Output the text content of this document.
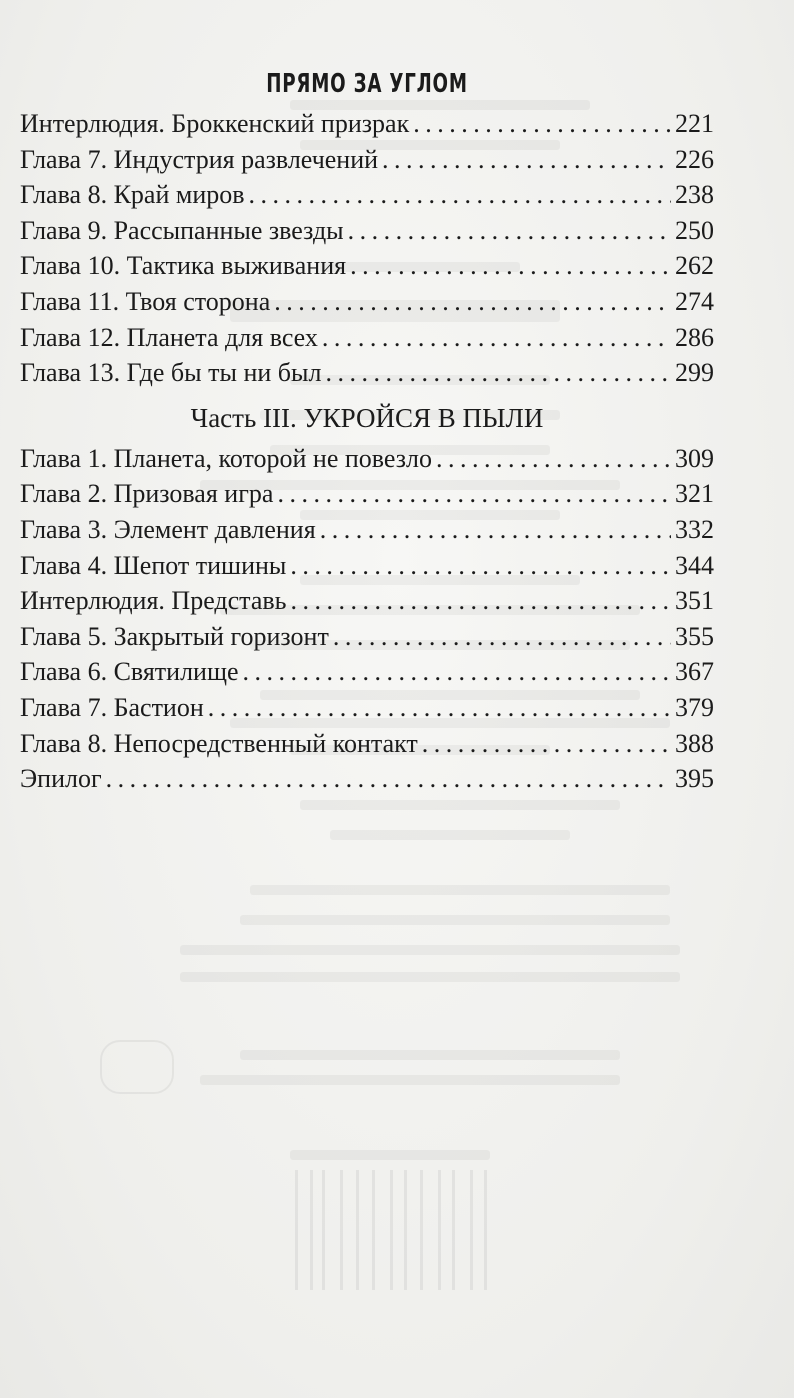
ПРЯМО ЗА УГЛОМ
Интерлюдия. Броккенский призрак .....	221
Глава 7. Индустрия развлечений .....	226
Глава 8. Край миров .....	238
Глава 9. Рассыпанные звезды .....	250
Глава 10. Тактика выживания .....	262
Глава 11. Твоя сторона .....	274
Глава 12. Планета для всех .....	286
Глава 13. Где бы ты ни был .....	299
Часть III. УКРОЙСЯ В ПЫЛИ
Глава 1. Планета, которой не повезло .....	309
Глава 2. Призовая игра .....	321
Глава 3. Элемент давления .....	332
Глава 4. Шепот тишины .....	344
Интерлюдия. Представь .....	351
Глава 5. Закрытый горизонт .....	355
Глава 6. Святилище .....	367
Глава 7. Бастион .....	379
Глава 8. Непосредственный контакт .....	388
Эпилог .....	395
